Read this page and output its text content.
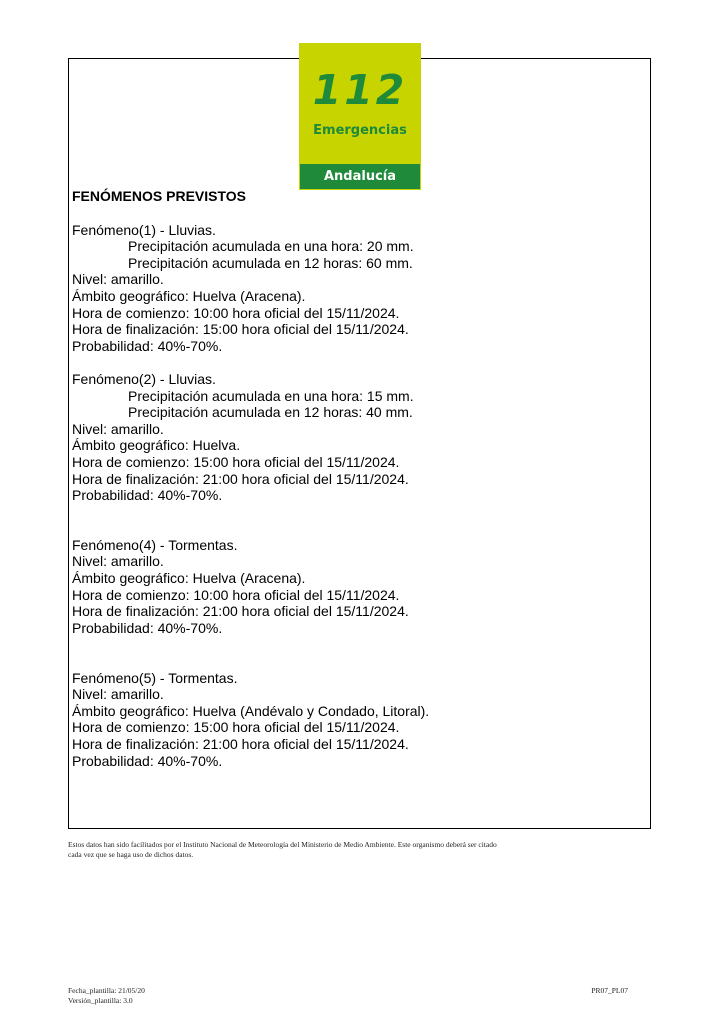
112
Emergencias
Andalucía
FENÓMENOS PREVISTOS
Fenómeno(1) - Lluvias.
Precipitación acumulada en una hora: 20 mm.
Precipitación acumulada en 12 horas: 60 mm.
Nivel: amarillo.
Ámbito geográfico: Huelva (Aracena).
Hora de comienzo: 10:00 hora oficial del 15/11/2024.
Hora de finalización: 15:00 hora oficial del 15/11/2024.
Probabilidad: 40%-70%.
Fenómeno(2) - Lluvias.
Precipitación acumulada en una hora: 15 mm.
Precipitación acumulada en 12 horas: 40 mm.
Nivel: amarillo.
Ámbito geográfico: Huelva.
Hora de comienzo: 15:00 hora oficial del 15/11/2024.
Hora de finalización: 21:00 hora oficial del 15/11/2024.
Probabilidad: 40%-70%.
Fenómeno(4) - Tormentas.
Nivel: amarillo.
Ámbito geográfico: Huelva (Aracena).
Hora de comienzo: 10:00 hora oficial del 15/11/2024.
Hora de finalización: 21:00 hora oficial del 15/11/2024.
Probabilidad: 40%-70%.
Fenómeno(5) - Tormentas.
Nivel: amarillo.
Ámbito geográfico: Huelva (Andévalo y Condado, Litoral).
Hora de comienzo: 15:00 hora oficial del 15/11/2024.
Hora de finalización: 21:00 hora oficial del 15/11/2024.
Probabilidad: 40%-70%.
Estos datos han sido facilitados por el Instituto Nacional de Meteorología del Ministerio de Medio Ambiente. Este organismo deberá ser citado
cada vez que se haga uso de dichos datos.
Fecha_plantilla: 21/05/20
Versión_plantilla: 3.0
PR07_PL07
